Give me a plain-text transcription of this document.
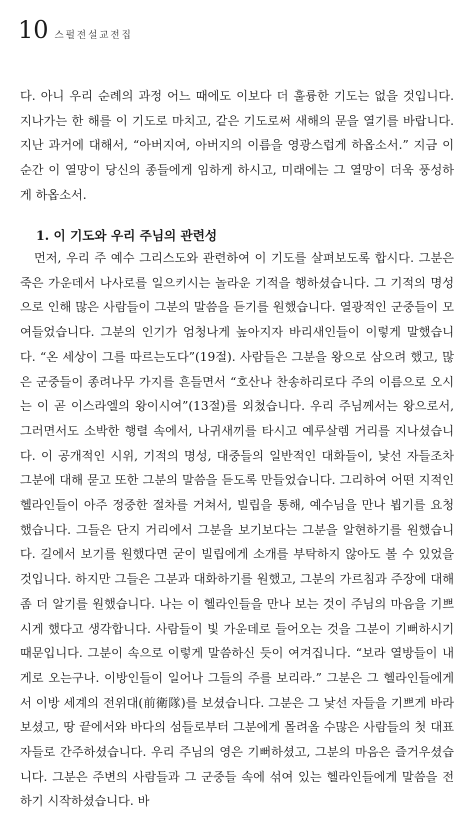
10 스펄전설교전집

다. 아니 우리 순례의 과정 어느 때에도 이보다 더 훌륭한 기도는 없을 것입니다. 지나가는 한 해를 이 기도로 마치고, 같은 기도로써 새해의 문을 열기를 바랍니다. 지난 과거에 대해서, “아버지여, 아버지의 이름을 영광스럽게 하옵소서.” 지금 이 순간 이 열망이 당신의 종들에게 임하게 하시고, 미래에는 그 열망이 더욱 풍성하게 하옵소서.

1. 이 기도와 우리 주님의 관련성

먼저, 우리 주 예수 그리스도와 관련하여 이 기도를 살펴보도록 합시다. 그분은 죽은 가운데서 나사로를 일으키시는 놀라운 기적을 행하셨습니다. 그 기적의 명성으로 인해 많은 사람들이 그분의 말씀을 듣기를 원했습니다. 열광적인 군중들이 모여들었습니다. 그분의 인기가 엄청나게 높아지자 바리새인들이 이렇게 말했습니다. “온 세상이 그를 따르는도다”(19절). 사람들은 그분을 왕으로 삼으려 했고, 많은 군중들이 종려나무 가지를 흔들면서 “호산나 찬송하리로다 주의 이름으로 오시는 이 곧 이스라엘의 왕이시여”(13절)를 외쳤습니다. 우리 주님께서는 왕으로서, 그러면서도 소박한 행렬 속에서, 나귀새끼를 타시고 예루살렘 거리를 지나셨습니다. 이 공개적인 시위, 기적의 명성, 대중들의 일반적인 대화들이, 낯선 자들조차 그분에 대해 묻고 또한 그분의 말씀을 듣도록 만들었습니다. 그리하여 어떤 지적인 헬라인들이 아주 정중한 절차를 거쳐서, 빌립을 통해, 예수님을 만나 뵙기를 요청했습니다. 그들은 단지 거리에서 그분을 보기보다는 그분을 알현하기를 원했습니다. 길에서 보기를 원했다면 굳이 빌립에게 소개를 부탁하지 않아도 볼 수 있었을 것입니다. 하지만 그들은 그분과 대화하기를 원했고, 그분의 가르침과 주장에 대해 좀 더 알기를 원했습니다. 나는 이 헬라인들을 만나 보는 것이 주님의 마음을 기쁘시게 했다고 생각합니다. 사람들이 빛 가운데로 들어오는 것을 그분이 기뻐하시기 때문입니다. 그분이 속으로 이렇게 말씀하신 듯이 여겨집니다. “보라 열방들이 내게로 오는구나. 이방인들이 일어나 그들의 주를 보리라.” 그분은 그 헬라인들에게서 이방 세계의 전위대(前衛隊)를 보셨습니다. 그분은 그 낯선 자들을 기쁘게 바라보셨고, 땅 끝에서와 바다의 섬들로부터 그분에게 몰려올 수많은 사람들의 첫 대표자들로 간주하셨습니다. 우리 주님의 영은 기뻐하셨고, 그분의 마음은 즐거우셨습니다. 그분은 주변의 사람들과 그 군중들 속에 섞여 있는 헬라인들에게 말씀을 전하기 시작하셨습니다. 바
